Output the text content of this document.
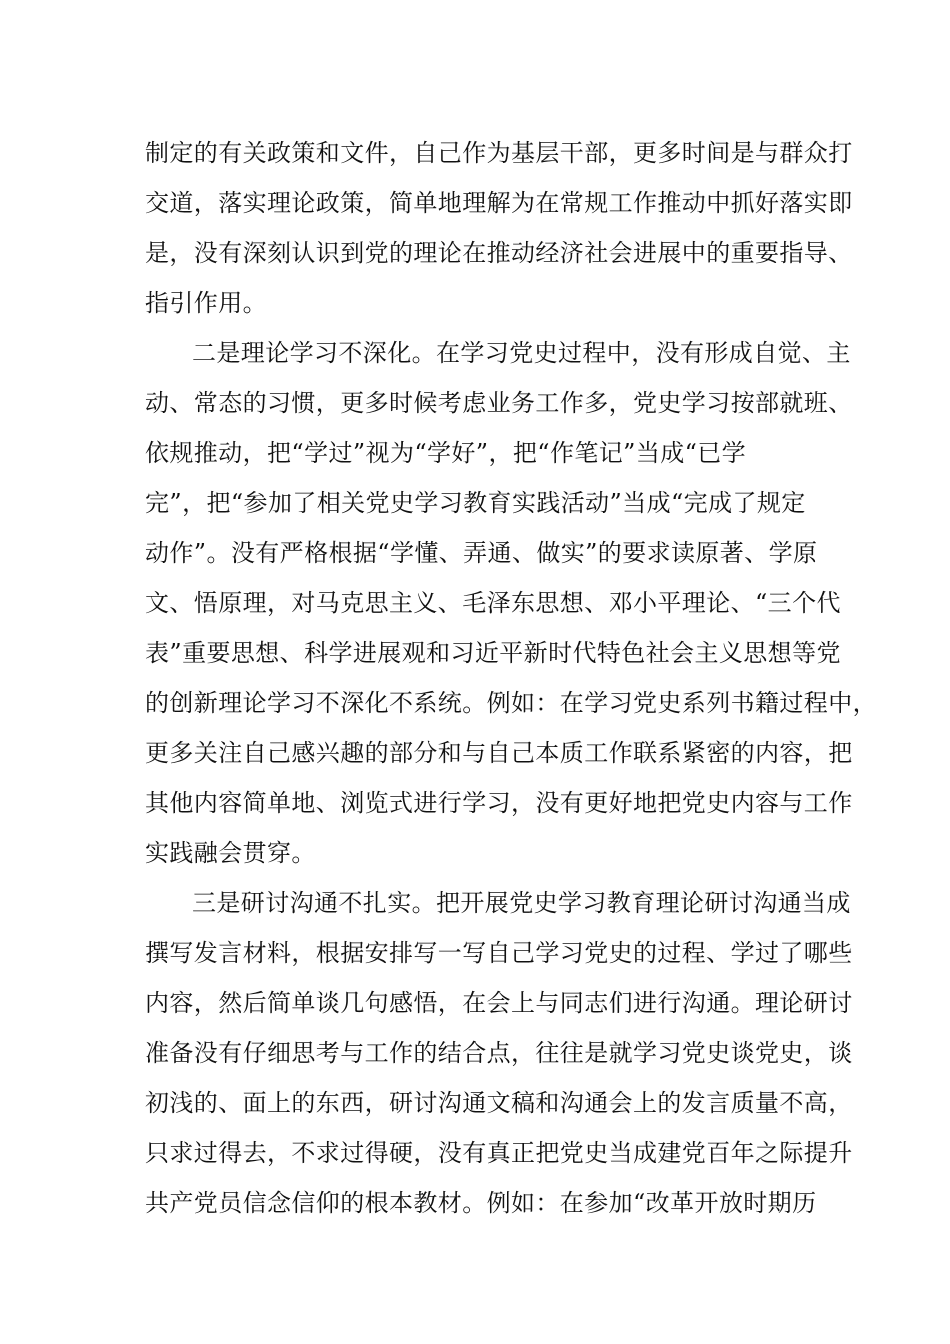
制定的有关政策和文件，自己作为基层干部，更多时间是与群众打
交道，落实理论政策，简单地理解为在常规工作推动中抓好落实即
是，没有深刻认识到党的理论在推动经济社会进展中的重要指导、
指引作用。
二是理论学习不深化。在学习党史过程中，没有形成自觉、主
动、常态的习惯，更多时候考虑业务工作多，党史学习按部就班、
依规推动，把“学过”视为“学好”，把“作笔记”当成“已学
完”，把“参加了相关党史学习教育实践活动”当成“完成了规定
动作”。没有严格根据“学懂、弄通、做实”的要求读原著、学原
文、悟原理，对马克思主义、毛泽东思想、邓小平理论、“三个代
表”重要思想、科学进展观和习近平新时代特色社会主义思想等党
的创新理论学习不深化不系统。例如：在学习党史系列书籍过程中，
更多关注自己感兴趣的部分和与自己本质工作联系紧密的内容，把
其他内容简单地、浏览式进行学习，没有更好地把党史内容与工作
实践融会贯穿。
三是研讨沟通不扎实。把开展党史学习教育理论研讨沟通当成
撰写发言材料，根据安排写一写自己学习党史的过程、学过了哪些
内容，然后简单谈几句感悟，在会上与同志们进行沟通。理论研讨
准备没有仔细思考与工作的结合点，往往是就学习党史谈党史，谈
初浅的、面上的东西，研讨沟通文稿和沟通会上的发言质量不高，
只求过得去，不求过得硬，没有真正把党史当成建党百年之际提升
共产党员信念信仰的根本教材。例如：在参加“改革开放时期历
